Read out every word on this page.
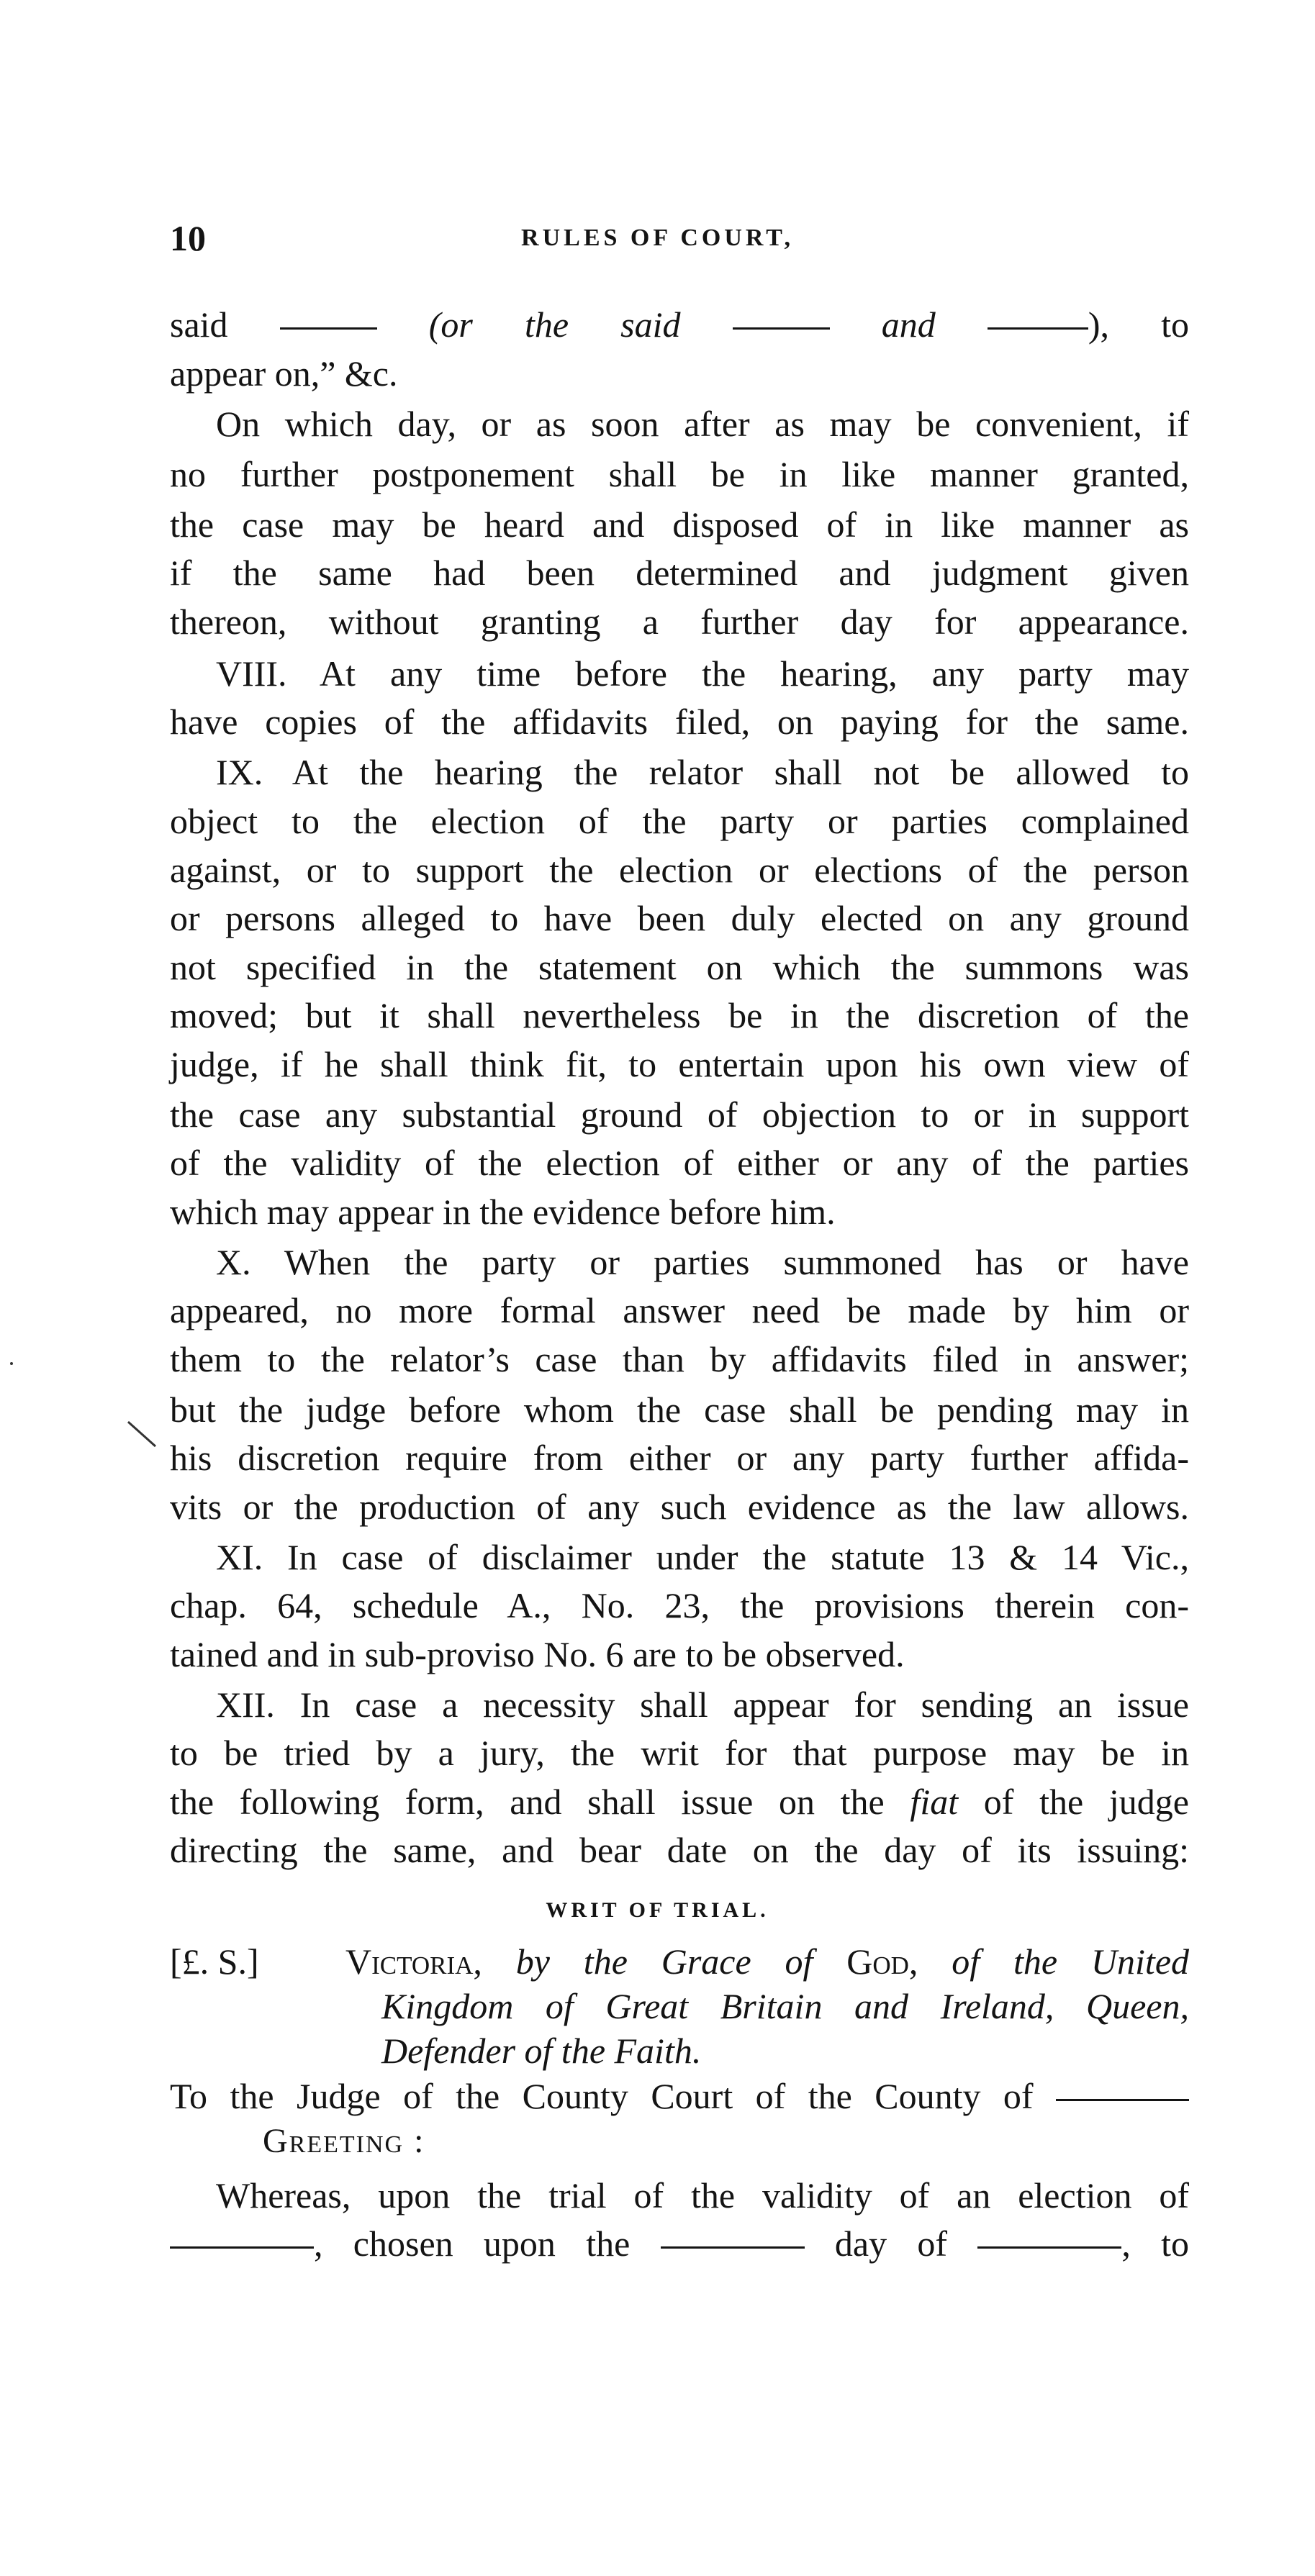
10	RULES OF COURT,
said	(or the said	and	), to
appear on,” &c.
On which day, or as soon after as may be convenient, if
no further postponement shall be in like manner granted,
the case may be heard and disposed of in like manner as
if the same had been determined and judgment given
thereon, without granting a further day for appearance.
VIII. At any time before the hearing, any party may
have copies of the affidavits filed, on paying for the same.
IX. At the hearing the relator shall not be allowed to
object to the election of the party or parties complained
against, or to support the election or elections of the person
or persons alleged to have been duly elected on any ground
not specified in the statement on which the summons was
moved; but it shall nevertheless be in the discretion of the
judge, if he shall think fit, to entertain upon his own view of
the case any substantial ground of objection to or in support
of the validity of the election of either or any of the parties
which may appear in the evidence before him.
X. When the party or parties summoned has or have
appeared, no more formal answer need be made by him or
them to the relator’s case than by affidavits filed in answer;
but the judge before whom the case shall be pending may in
his discretion require from either or any party further affida-
vits or the production of any such evidence as the law allows.
XI. In case of disclaimer under the statute 13 & 14 Vic.,
chap. 64, schedule A., No. 23, the provisions therein con-
tained and in sub-proviso No. 6 are to be observed.
XII. In case a necessity shall appear for sending an issue
to be tried by a jury, the writ for that purpose may be in
the following form, and shall issue on the fiat of the judge
directing the same, and bear date on the day of its issuing:
WRIT OF TRIAL.
[£. S.] Victoria, by the Grace of God, of the United
Kingdom of Great Britain and Ireland, Queen,
Defender of the Faith.
To the Judge of the County Court of the County of
Greeting :
Whereas, upon the trial of the validity of an election of
, chosen upon the	day of	, to
